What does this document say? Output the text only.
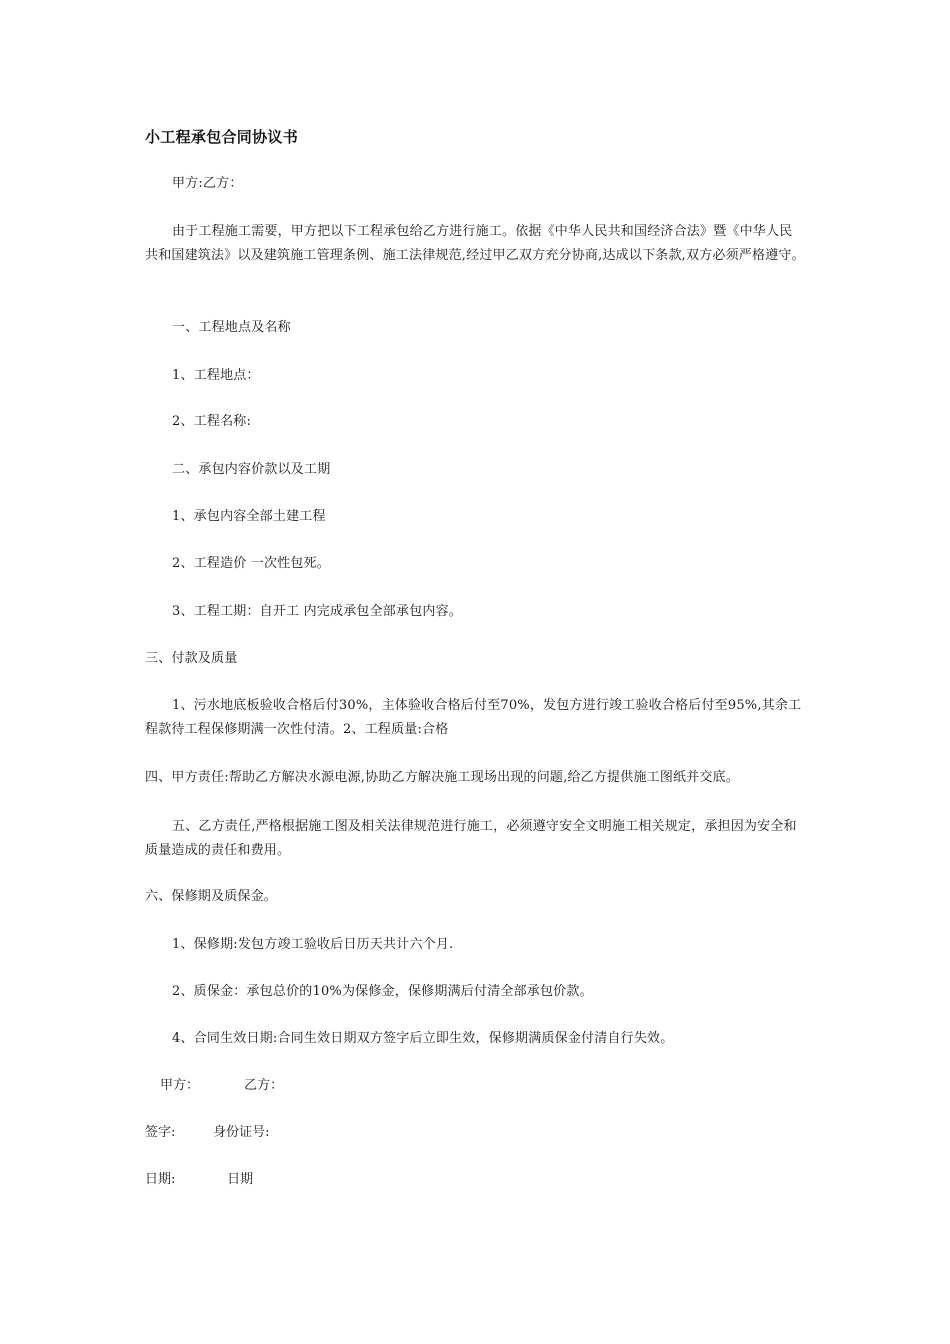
小工程承包合同协议书
甲方:乙方：
由于工程施工需要，甲方把以下工程承包给乙方进行施工。依据《中华人民共和国经济合法》暨《中华人民共和国建筑法》以及建筑施工管理条例、施工法律规范,经过甲乙双方充分协商,达成以下条款,双方必须严格遵守。
一、工程地点及名称
1、工程地点：
2、工程名称:
二、承包内容价款以及工期
1、承包内容全部土建工程
2、工程造价 一次性包死。
3、工程工期：自开工 内完成承包全部承包内容。
三、付款及质量
1、污水地底板验收合格后付30%，主体验收合格后付至70%，发包方进行竣工验收合格后付至95%,其余工程款待工程保修期满一次性付清。2、工程质量:合格
四、甲方责任:帮助乙方解决水源电源,协助乙方解决施工现场出现的问题,给乙方提供施工图纸并交底。
五、乙方责任,严格根据施工图及相关法律规范进行施工，必须遵守安全文明施工相关规定，承担因为安全和质量造成的责任和费用。
六、保修期及质保金。
1、保修期:发包方竣工验收后日历天共计六个月.
2、质保金：承包总价的10%为保修金，保修期满后付清全部承包价款。
4、合同生效日期:合同生效日期双方签字后立即生效，保修期满质保金付清自行失效。
甲方：	乙方：
签字:	身份证号:
日期:	日期
